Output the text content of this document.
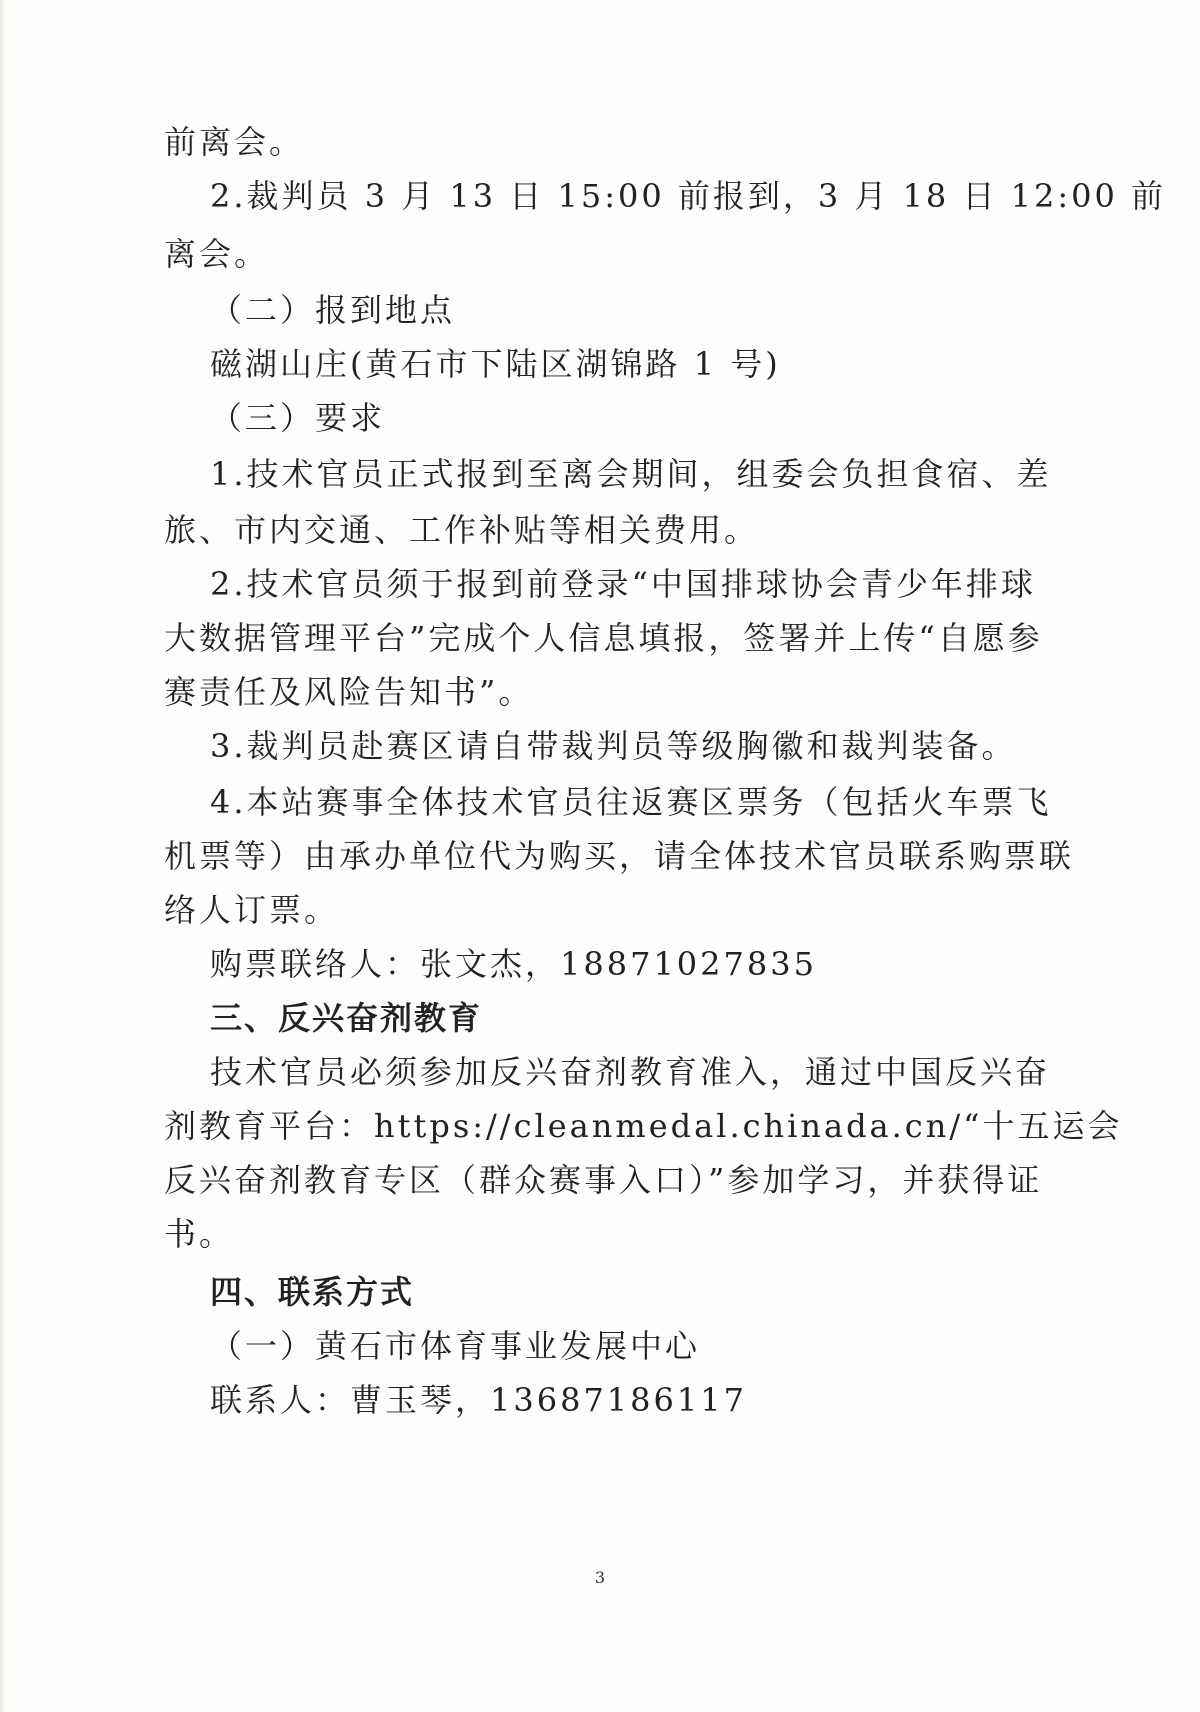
前离会。
2.裁判员 3 月 13 日 15:00 前报到，3 月 18 日 12:00 前
离会。
（二）报到地点
磁湖山庄(黄石市下陆区湖锦路 1 号)
（三）要求
1.技术官员正式报到至离会期间，组委会负担食宿、差
旅、市内交通、工作补贴等相关费用。
2.技术官员须于报到前登录“中国排球协会青少年排球
大数据管理平台”完成个人信息填报，签署并上传“自愿参
赛责任及风险告知书”。
3.裁判员赴赛区请自带裁判员等级胸徽和裁判装备。
4.本站赛事全体技术官员往返赛区票务（包括火车票飞
机票等）由承办单位代为购买，请全体技术官员联系购票联
络人订票。
购票联络人：张文杰，18871027835
三、反兴奋剂教育
技术官员必须参加反兴奋剂教育准入，通过中国反兴奋
剂教育平台：https://cleanmedal.chinada.cn/“十五运会
反兴奋剂教育专区（群众赛事入口）”参加学习，并获得证
书。
四、联系方式
（一）黄石市体育事业发展中心
联系人：曹玉琴，13687186117
3
